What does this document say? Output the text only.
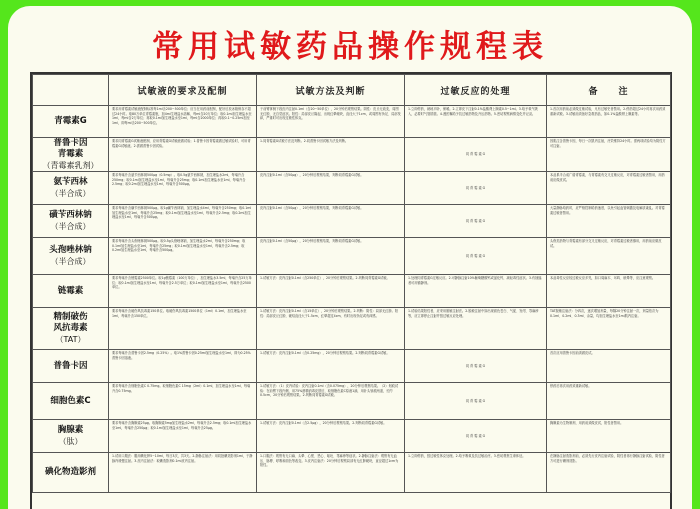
常用试敏药品操作规程表
	试敏液的要求及配制	试敏方法及判断	过敏反应的处理	备　　注

青霉素G	要求用青霉素试敏液配制标准每1ml含200~500单位；应当在用药前配制，配好后放冰箱保存不超过24小时。取80万单位青霉素瓶，加4ml生理盐水溶解，每ml含20万单位；取0.1ml加生理盐水至1ml，每ml含2万单位；再取0.1ml加生理盐水至1ml，每ml含2000单位；再取0.1~0.25ml加至1ml，即每ml含200~500单位。	于前臂掌侧下段皮内注射0.1ml（含20~50单位），20分钟后观察结果。阴性：皮丘无改变，周围无红肿，无自觉症状。阳性：局部皮丘隆起，出现红晕硬块，直径大于1cm，或周围有伪足、局部发痒，严重时可出现过敏性休克。	1.立即停药，就地平卧，保暖。2.立即皮下注射0.1%盐酸肾上腺素0.5~1ml。3.给予氧气吸入，必要时气管插管。4.遵医嘱给予抗过敏药物及升压药物。5.密切观察病情变化并记录。	1.首次用药前必须做过敏试验，凡有过敏史者禁用。2.停药超过24小时再次用药须重新试敏。3.试敏前须备好急救药品，如0.1%盐酸肾上腺素等。

普鲁卡因
青霉素
（青霉素乳剂）	要求同青霉素G试敏液配制，应用青霉素G试敏液做试验；1.普鲁卡因青霉素做过敏试验时，可用青霉素G试敏液。2.需做普鲁卡因试验。	1.同青霉素G试敏方法及判断。2.同普鲁卡因试敏方法及判断。	同 青 霉 素 G	因肌注含普鲁卡因，每日一次肌内注射，疗效维持24小时。需两项试验均为阴性方可注射。

氨苄西林
（半合成）	要求每毫升含氨苄西林钠500μg（0.5mg）。取0.5g氨苄西林钠，加生理盐水2ml，每毫升含250mg；取0.1ml加生理盐水至1ml，每毫升含25mg；取0.1ml加生理盐水至1ml，每毫升含2.5mg；取0.2ml加生理盐水至1ml，每毫升含500μg。	皮内注射0.1ml（含50μg），20分钟后观察结果，判断同青霉素G试敏。	同 青 霉 素 G	本品系半合成广谱青霉素，与青霉素有交叉过敏反应，对青霉素过敏者禁用，用药前应做皮试。

磺苄西林钠
（半合成）	要求每毫升含磺苄西林钠500μg。取1g磺苄西林钠，加生理盐水4ml，每毫升含250mg；取0.1ml加生理盐水至1ml，每毫升含25mg；取0.1ml加生理盐水至1ml，每毫升含2.5mg；取0.2ml加生理盐水至1ml，每毫升含500μg。	皮内注射0.1ml（含50μg），20分钟后观察结果，判断同青霉素G试敏。	同 青 霉 素 G	大量静脉给药时，应严格控制给药速度，以免引起血管刺激及电解质紊乱。对青霉素过敏者禁用。

头孢唑林钠
（半合成）	要求每毫升含头孢唑林钠500μg。取0.5g头孢唑林钠，加生理盐水2ml，每毫升含250mg；取0.1ml加生理盐水至1ml，每毫升含25mg；取0.1ml加生理盐水至1ml，每毫升含2.5mg；取0.2ml加生理盐水至1ml，每毫升含500μg。	皮内注射0.1ml（含50μg），20分钟后观察结果，判断同青霉素G试敏。	同 青 霉 素 G	头孢类药物与青霉素有部分交叉过敏反应，对青霉素过敏者慎用，用药前应做皮试。

链霉素	要求每毫升含链霉素2500单位。取1g链霉素（100万单位），加生理盐水3.5ml，每毫升含25万单位；取0.1ml加生理盐水至1ml，每毫升含2.5万单位；取0.1ml加生理盐水至1ml，每毫升含2500单位。	1.试敏方法：皮内注射0.1ml（含250单位），20分钟后观察结果。2.判断同青霉素G试敏。	1.处理同青霉素G过敏反应。2.可静脉注射10%葡萄糖酸钙或氯化钙，减轻毒性症状。3.有抽搐者可用镇静剂。	本品毒性反应较过敏反应多见，如口周麻木、耳鸣、眩晕等，应注意观察。

精制破伤
风抗毒素
（TAT）	要求每毫升含破伤风抗毒素150单位。取破伤风抗毒素1500单位（1ml）0.1ml，加生理盐水至1ml，每毫升含150单位。	1.试敏方法：皮内注射0.1ml（含15单位），20分钟后观察结果。2.判断：阴性：局部无红肿。阳性：局部皮丘红肿，硬结直径大于1.5cm，红晕超过4cm，有时出现伪足或有痒感。	1.试验结果阳性者，应采用脱敏注射法。2.脱敏注射中如出现面色苍白、气促、发绀、荨麻疹等，应立即停止注射并按过敏反应处理。	TAT脱敏注射法：分四次，逐次增加剂量，每隔20分钟注射一次，剂量依次为0.1ml、0.2ml、0.3ml、余量，均加生理盐水至1ml肌内注射。

普鲁卡因	要求每毫升含普鲁卡因2.5mg（0.25%）。取1%普鲁卡因0.25ml加生理盐水至1ml，即为0.25%普鲁卡因溶液。	1.试敏方法：皮内注射0.1ml（含0.25mg），20分钟后观察结果。2.判断同青霉素G试敏。	同 青 霉 素 G	首次应用普鲁卡因前须做皮试。

细胞色素C	要求每毫升含细胞色素C 0.75mg。取细胞色素C 15mg（2ml）0.1ml，加生理盐水至1ml，每毫升含0.75mg。	1.试敏方法：（1）皮内试验：皮内注射0.1ml（含0.075mg），20分钟后观察结果。（2）划痕试验：在前臂下段内侧，用75%酒精消毒皮肤后，取细胞色素C原液1滴，用针头划痕两道，长约0.5cm，20分钟后观察结果。2.判断同青霉素G试敏。	同 青 霉 素 G	停药后再次用药须重新试敏。

胸腺素
（肽）	要求每毫升含胸腺素25μg。取胸腺素5mg加生理盐水2ml，每毫升含2.5mg；取0.1ml加生理盐水至1ml，每毫升含250μg；取0.1ml加生理盐水至1ml，每毫升含25μg。	1.试敏方法：皮内注射0.1ml（含2.5μg），20分钟后观察结果。2.判断同青霉素G试敏。	同 青 霉 素 G	胸腺素为生物制剂，用药前须做皮试，阳性者禁用。

碘化物造影剂	1.试用口服法：服用碘化钾5~10ml，每日3次，共3天。2.静脉注射法：用同批碘造影剂1ml，于静脉内缓慢注射。3.皮内注射法：取碘造影剂0.1ml皮内注射。	1.口服法：观察有无口麻、头晕、心慌、恶心、呕吐、荨麻疹等症状。2.静脉注射法：观察有无血压、脉搏、呼吸和面色等改变。3.皮内注射法：20分钟后观察局部有无红肿硬块，直径超过1cm为阳性。	1.立即停药，按过敏性休克处理。2.给予吸氧及抗过敏治疗。3.密切观察生命体征。	在静脉注射造影剂前，必须先行皮内注射试验，阴性者再行静脉注射试验，阴性者方可进行碘剂造影。
